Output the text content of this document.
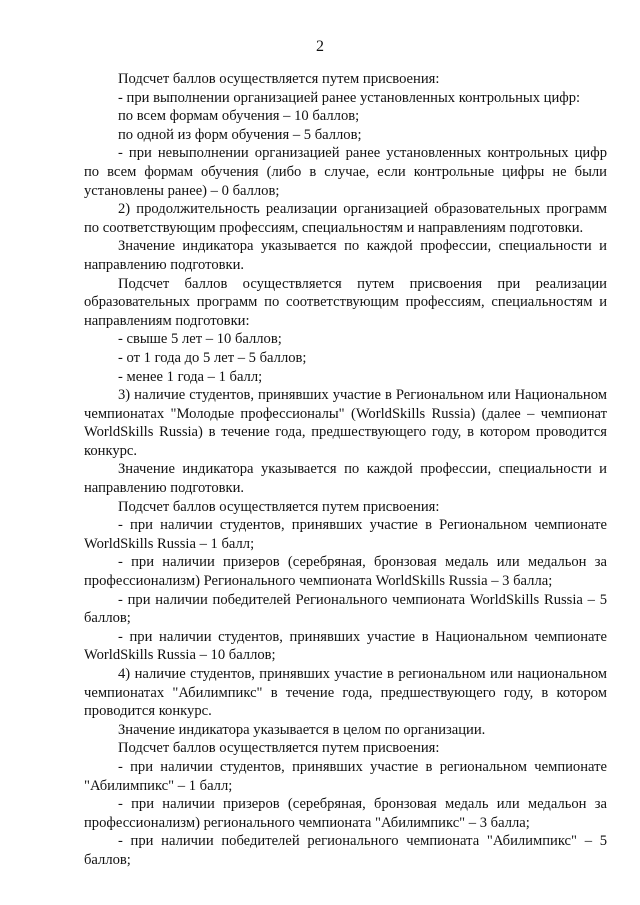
2

Подсчет баллов осуществляется путем присвоения:

- при выполнении организацией ранее установленных контрольных цифр:

по всем формам обучения – 10 баллов;

по одной из форм обучения – 5 баллов;

- при невыполнении организацией ранее установленных контрольных цифр по всем формам обучения (либо в случае, если контрольные цифры не были установлены ранее) – 0 баллов;

2) продолжительность реализации организацией образовательных программ по соответствующим профессиям, специальностям и направлениям подготовки.

Значение индикатора указывается по каждой профессии, специальности и направлению подготовки.

Подсчет баллов осуществляется путем присвоения при реализации образовательных программ по соответствующим профессиям, специальностям и направлениям подготовки:

- свыше 5 лет – 10 баллов;

- от 1 года до 5 лет – 5 баллов;

- менее 1 года – 1 балл;

3) наличие студентов, принявших участие в Региональном или Национальном чемпионатах "Молодые профессионалы" (WorldSkills Russia) (далее – чемпионат WorldSkills Russia) в течение года, предшествующего году, в котором проводится конкурс.

Значение индикатора указывается по каждой профессии, специальности и направлению подготовки.

Подсчет баллов осуществляется путем присвоения:

- при наличии студентов, принявших участие в Региональном чемпионате WorldSkills Russia – 1 балл;

- при наличии призеров (серебряная, бронзовая медаль или медальон за профессионализм) Регионального чемпионата WorldSkills Russia – 3 балла;

- при наличии победителей Регионального чемпионата WorldSkills Russia – 5 баллов;

- при наличии студентов, принявших участие в Национальном чемпионате WorldSkills Russia – 10 баллов;

4) наличие студентов, принявших участие в региональном или национальном чемпионатах "Абилимпикс" в течение года, предшествующего году, в котором проводится конкурс.

Значение индикатора указывается в целом по организации.

Подсчет баллов осуществляется путем присвоения:

- при наличии студентов, принявших участие в региональном чемпионате "Абилимпикс" – 1 балл;

- при наличии призеров (серебряная, бронзовая медаль или медальон за профессионализм) регионального чемпионата "Абилимпикс" – 3 балла;

- при наличии победителей регионального чемпионата "Абилимпикс" – 5 баллов;
